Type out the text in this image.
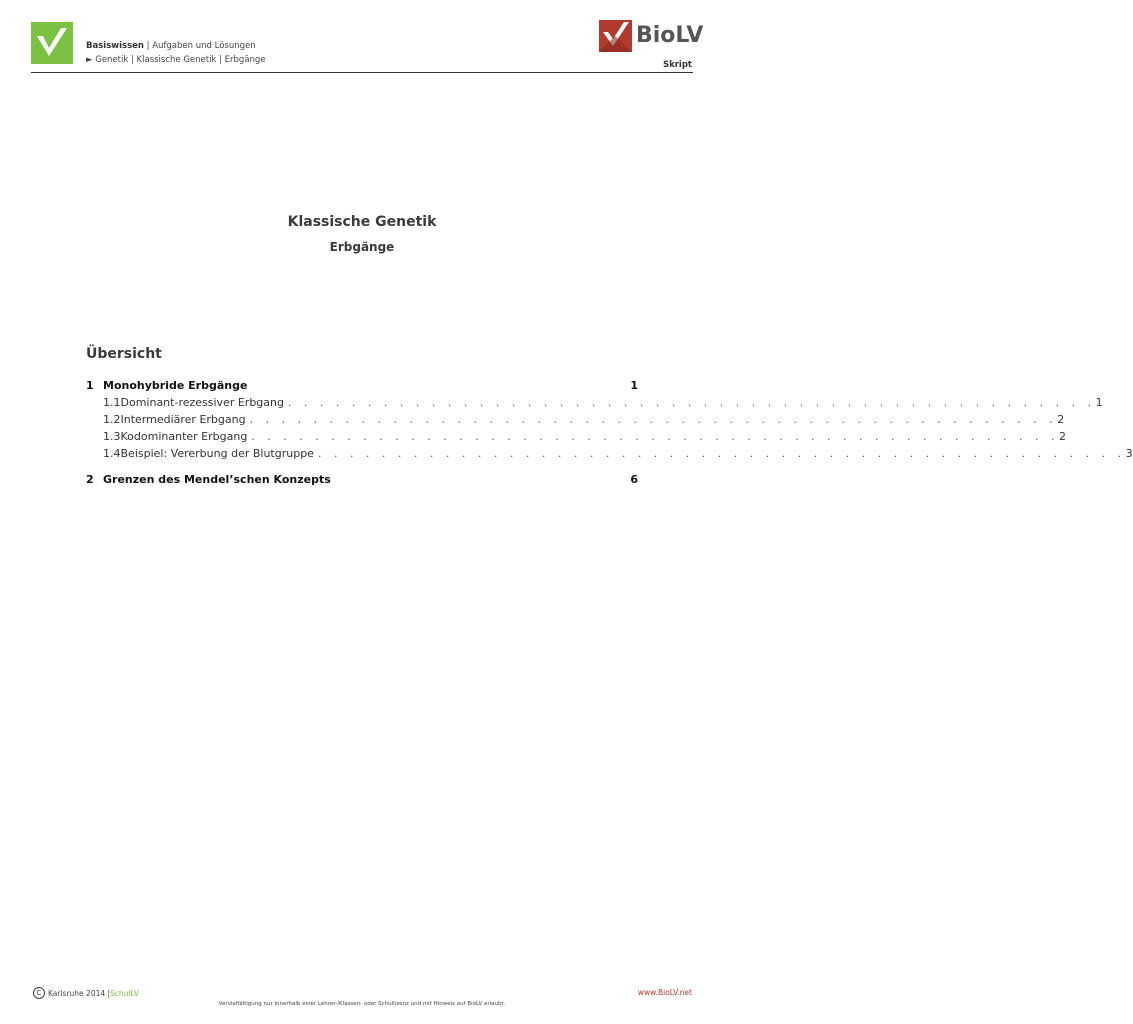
Basiswissen | Aufgaben und Lösungen
► Genetik | Klassische Genetik | Erbgänge
BioLV
Skript
Klassische Genetik
Erbgänge
Übersicht
1 Monohybride Erbgänge	1
1.1 Dominant-rezessiver Erbgang . . . . . . . . . . . . . . . . . . . . . . . . . . . . . . . . . . . . . . . . . . . . . . . . . . . 1
1.2 Intermediärer Erbgang . . . . . . . . . . . . . . . . . . . . . . . . . . . . . . . . . . . . . . . . . . . . . . . . . . . 2
1.3 Kodominanter Erbgang . . . . . . . . . . . . . . . . . . . . . . . . . . . . . . . . . . . . . . . . . . . . . . . . . . . 2
1.4 Beispiel: Vererbung der Blutgruppe . . . . . . . . . . . . . . . . . . . . . . . . . . . . . . . . . . . . . . . . . . . . . . . . . . . 3
2 Grenzen des Mendel’schen Konzepts	6
C Karlsruhe 2014 | SchulLV	www.BioLV.net
Vervielfältigung nur innerhalb einer Lehrer-/Klassen- oder Schullizenz und mit Hinweis auf BioLV erlaubt.
